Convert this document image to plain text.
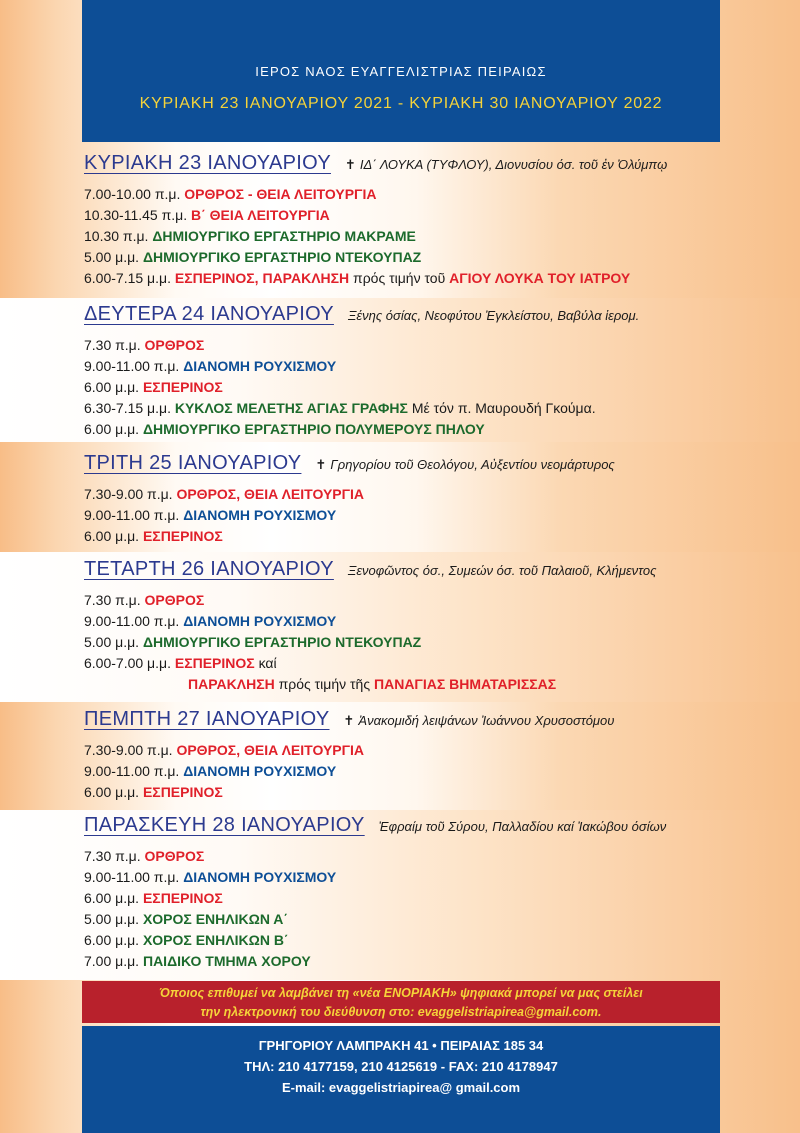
ΙΕΡΟΣ ΝΑΟΣ ΕΥΑΓΓΕΛΙΣΤΡΙΑΣ ΠΕΙΡΑΙΩΣ
ΚΥΡΙΑΚΗ 23 ΙΑΝΟΥΑΡΙΟΥ 2021 - ΚΥΡΙΑΚΗ 30 ΙΑΝΟΥΑΡΙΟΥ 2022
ΚΥΡΙΑΚΗ 23 ΙΑΝΟΥΑΡΙΟΥ ✝ ΙΔ΄ ΛΟΥΚΑ (ΤΥΦΛΟΥ), Διονυσίου όσ. τοῦ ἐν Ὀλύμπῳ
7.00-10.00 π.μ. ΟΡΘΡΟΣ - ΘΕΙΑ ΛΕΙΤΟΥΡΓΙΑ
10.30-11.45 π.μ. Β΄ ΘΕΙΑ ΛΕΙΤΟΥΡΓΙΑ
10.30 π.μ. ΔΗΜΙΟΥΡΓΙΚΟ ΕΡΓΑΣΤΗΡΙΟ ΜΑΚΡΑΜΕ
5.00 μ.μ. ΔΗΜΙΟΥΡΓΙΚΟ ΕΡΓΑΣΤΗΡΙΟ ΝΤΕΚΟΥΠΑΖ
6.00-7.15 μ.μ. ΕΣΠΕΡΙΝΟΣ, ΠΑΡΑΚΛΗΣΗ πρός τιμήν τοῦ ΑΓΙΟΥ ΛΟΥΚΑ ΤΟΥ ΙΑΤΡΟΥ
ΔΕΥΤΕΡΑ 24 ΙΑΝΟΥΑΡΙΟΥ Ξένης όσίας, Νεοφύτου Ἐγκλείστου, Βαβύλα ἱερομ.
7.30 π.μ. ΟΡΘΡΟΣ
9.00-11.00 π.μ. ΔΙΑΝΟΜΗ ΡΟΥΧΙΣΜΟΥ
6.00 μ.μ. ΕΣΠΕΡΙΝΟΣ
6.30-7.15 μ.μ. ΚΥΚΛΟΣ ΜΕΛΕΤΗΣ ΑΓΙΑΣ ΓΡΑΦΗΣ Μέ τόν π. Μαυρουδή Γκούμα.
6.00 μ.μ. ΔΗΜΙΟΥΡΓΙΚΟ ΕΡΓΑΣΤΗΡΙΟ ΠΟΛΥΜΕΡΟΥΣ ΠΗΛΟΥ
ΤΡΙΤΗ 25 ΙΑΝΟΥΑΡΙΟΥ ✝ Γρηγορίου τοῦ Θεολόγου, Αὐξεντίου νεομάρτυρος
7.30-9.00 π.μ. ΟΡΘΡΟΣ, ΘΕΙΑ ΛΕΙΤΟΥΡΓΙΑ
9.00-11.00 π.μ. ΔΙΑΝΟΜΗ ΡΟΥΧΙΣΜΟΥ
6.00 μ.μ. ΕΣΠΕΡΙΝΟΣ
ΤΕΤΑΡΤΗ 26 ΙΑΝΟΥΑΡΙΟΥ Ξενοφῶντος όσ., Συμεών όσ. τοῦ Παλαιοῦ, Κλήμεντος
7.30 π.μ. ΟΡΘΡΟΣ
9.00-11.00 π.μ. ΔΙΑΝΟΜΗ ΡΟΥΧΙΣΜΟΥ
5.00 μ.μ. ΔΗΜΙΟΥΡΓΙΚΟ ΕΡΓΑΣΤΗΡΙΟ ΝΤΕΚΟΥΠΑΖ
6.00-7.00 μ.μ. ΕΣΠΕΡΙΝΟΣ καί
ΠΑΡΑΚΛΗΣΗ πρός τιμήν τῆς ΠΑΝΑΓΙΑΣ ΒΗΜΑΤΑΡΙΣΣΑΣ
ΠΕΜΠΤΗ 27 ΙΑΝΟΥΑΡΙΟΥ ✝ Ἀνακομιδή λειψάνων Ἰωάννου Χρυσοστόμου
7.30-9.00 π.μ. ΟΡΘΡΟΣ, ΘΕΙΑ ΛΕΙΤΟΥΡΓΙΑ
9.00-11.00 π.μ. ΔΙΑΝΟΜΗ ΡΟΥΧΙΣΜΟΥ
6.00 μ.μ. ΕΣΠΕΡΙΝΟΣ
ΠΑΡΑΣΚΕΥΗ 28 ΙΑΝΟΥΑΡΙΟΥ Ἐφραίμ τοῦ Σύρου, Παλλαδίου καί Ἰακώβου όσίων
7.30 π.μ. ΟΡΘΡΟΣ
9.00-11.00 π.μ. ΔΙΑΝΟΜΗ ΡΟΥΧΙΣΜΟΥ
6.00 μ.μ. ΕΣΠΕΡΙΝΟΣ
5.00 μ.μ. ΧΟΡΟΣ ΕΝΗΛΙΚΩΝ Α΄
6.00 μ.μ. ΧΟΡΟΣ ΕΝΗΛΙΚΩΝ Β΄
7.00 μ.μ. ΠΑΙΔΙΚΟ ΤΜΗΜΑ ΧΟΡΟΥ
Όποιος επιθυμεί να λαμβάνει τη «νέα ΕΝΟΡΙΑΚΗ» ψηφιακά μπορεί να μας στείλει
την ηλεκτρονική του διεύθυνση στο: evaggelistriapirea@gmail.com.
ΓΡΗΓΟΡΙΟΥ ΛΑΜΠΡΑΚΗ 41 • ΠΕΙΡΑΙΑΣ 185 34
ΤΗΛ: 210 4177159, 210 4125619 - FAX: 210 4178947
E-mail: evaggelistriapirea@ gmail.com
